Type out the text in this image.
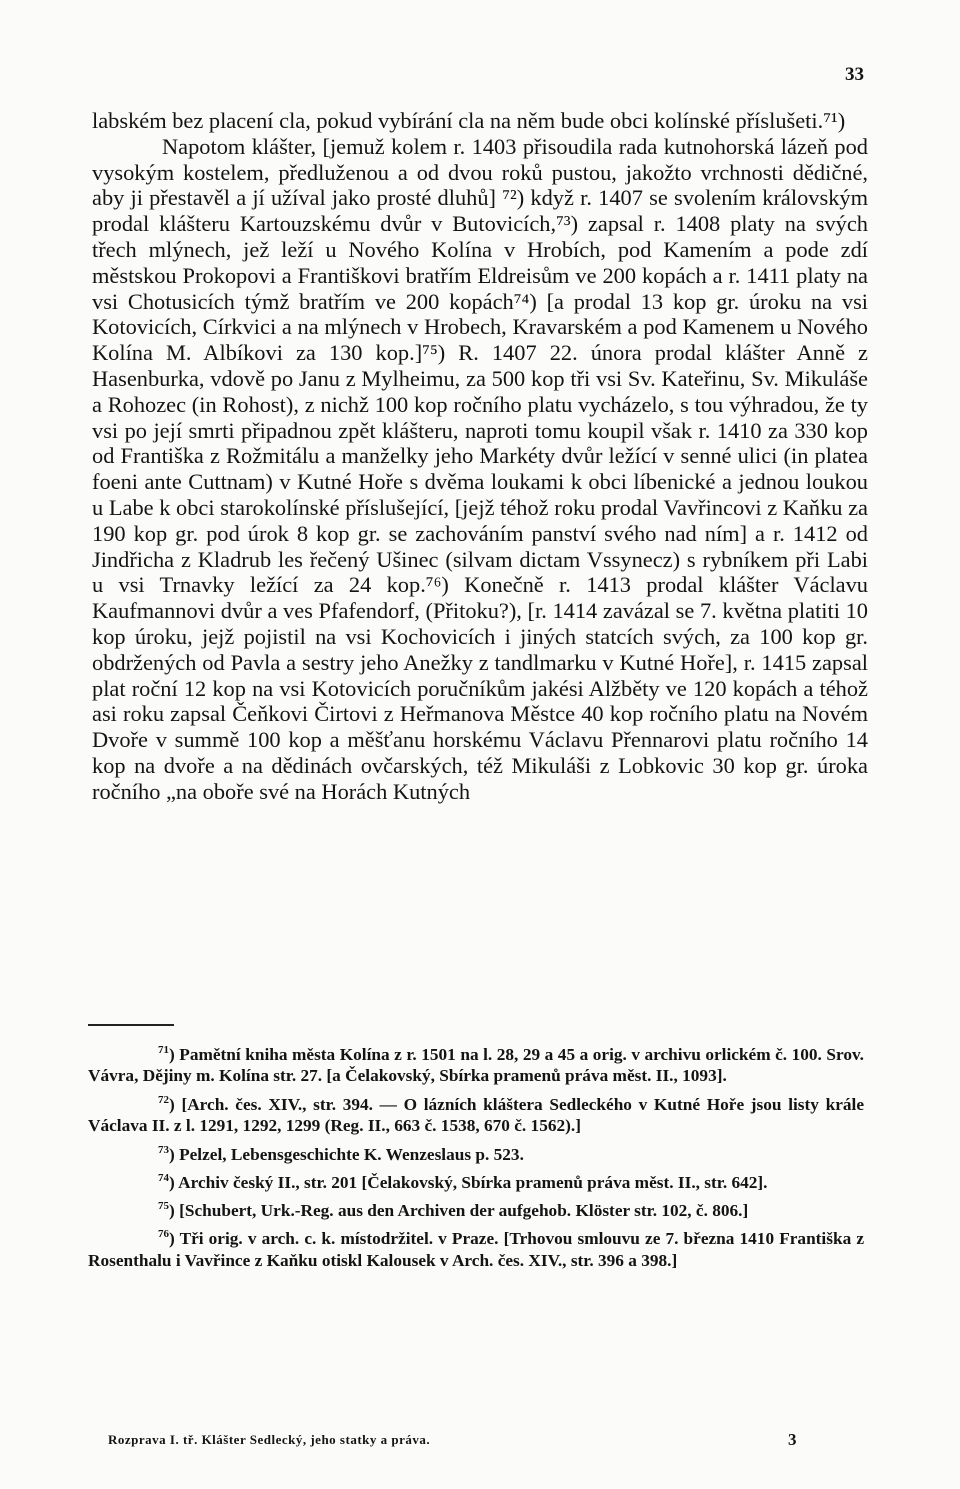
33

labském bez placení cla, pokud vybírání cla na něm bude obci kolínské příslušeti.⁷¹)

Napotom klášter, [jemuž kolem r. 1403 přisoudila rada kutnohorská lázeň pod vysokým kostelem, předluženou a od dvou roků pustou, jakožto vrchnosti dědičné, aby ji přestavěl a jí užíval jako prosté dluhů] ⁷²) když r. 1407 se svolením královským prodal klášteru Kartouzskému dvůr v Butovicích,⁷³) zapsal r. 1408 platy na svých třech mlýnech, jež leží u Nového Kolína v Hrobích, pod Kamením a pode zdí městskou Prokopovi a Františkovi bratřím Eldreisům ve 200 kopách a r. 1411 platy na vsi Chotusicích týmž bratřím ve 200 kopách⁷⁴) [a prodal 13 kop gr. úroku na vsi Kotovicích, Církvici a na mlýnech v Hrobech, Kravarském a pod Kamenem u Nového Kolína M. Albíkovi za 130 kop.]⁷⁵) R. 1407 22. února prodal klášter Anně z Hasenburka, vdově po Janu z Mylheimu, za 500 kop tři vsi Sv. Kateřinu, Sv. Mikuláše a Rohozec (in Rohost), z nichž 100 kop ročního platu vycházelo, s tou výhradou, že ty vsi po její smrti připadnou zpět klášteru, naproti tomu koupil však r. 1410 za 330 kop od Františka z Rožmitálu a manželky jeho Markéty dvůr ležící v senné ulici (in platea foeni ante Cuttnam) v Kutné Hoře s dvěma loukami k obci líbenické a jednou loukou u Labe k obci starokolínské příslušející, [jejž téhož roku prodal Vavřincovi z Kaňku za 190 kop gr. pod úrok 8 kop gr. se zachováním panství svého nad ním] a r. 1412 od Jindřicha z Kladrub les řečený Ušinec (silvam dictam Vssynecz) s rybníkem při Labi u vsi Trnavky ležící za 24 kop.⁷⁶) Konečně r. 1413 prodal klášter Václavu Kaufmannovi dvůr a ves Pfafendorf, (Přitoku?), [r. 1414 zavázal se 7. května platiti 10 kop úroku, jejž pojistil na vsi Kochovicích i jiných statcích svých, za 100 kop gr. obdržených od Pavla a sestry jeho Anežky z tandlmarku v Kutné Hoře], r. 1415 zapsal plat roční 12 kop na vsi Kotovicích poručníkům jakési Alžběty ve 120 kopách a téhož asi roku zapsal Čeňkovi Čirtovi z Heřmanova Městce 40 kop ročního platu na Novém Dvoře v summě 100 kop a měšťanu horskému Václavu Přennarovi platu ročního 14 kop na dvoře a na dědinách ovčarských, též Mikuláši z Lobkovic 30 kop gr. úroka ročního „na oboře své na Horách Kutných

$^{71}$) Pamětní kniha města Kolína z r. 1501 na l. 28, 29 a 45 a orig. v archivu orlickém č. 100. Srov. Vávra, Dějiny m. Kolína str. 27. [a Čelakovský, Sbírka pramenů práva měst. II., 1093].

$^{72}$) [Arch. čes. XIV., str. 394. — O lázních kláštera Sedleckého v Kutné Hoře jsou listy krále Václava II. z l. 1291, 1292, 1299 (Reg. II., 663 č. 1538, 670 č. 1562).]

$^{73}$) Pelzel, Lebensgeschichte K. Wenzeslaus p. 523.

$^{74}$) Archiv český II., str. 201 [Čelakovský, Sbírka pramenů práva měst. II., str. 642].

$^{75}$) [Schubert, Urk.-Reg. aus den Archiven der aufgehob. Klöster str. 102, č. 806.]

$^{76}$) Tři orig. v arch. c. k. místodržitel. v Praze. [Trhovou smlouvu ze 7. března 1410 Františka z Rosenthalu i Vavřince z Kaňku otiskl Kalousek v Arch. čes. XIV., str. 396 a 398.]

Rozprava I. tř. Klášter Sedlecký, jeho statky a práva.	3
